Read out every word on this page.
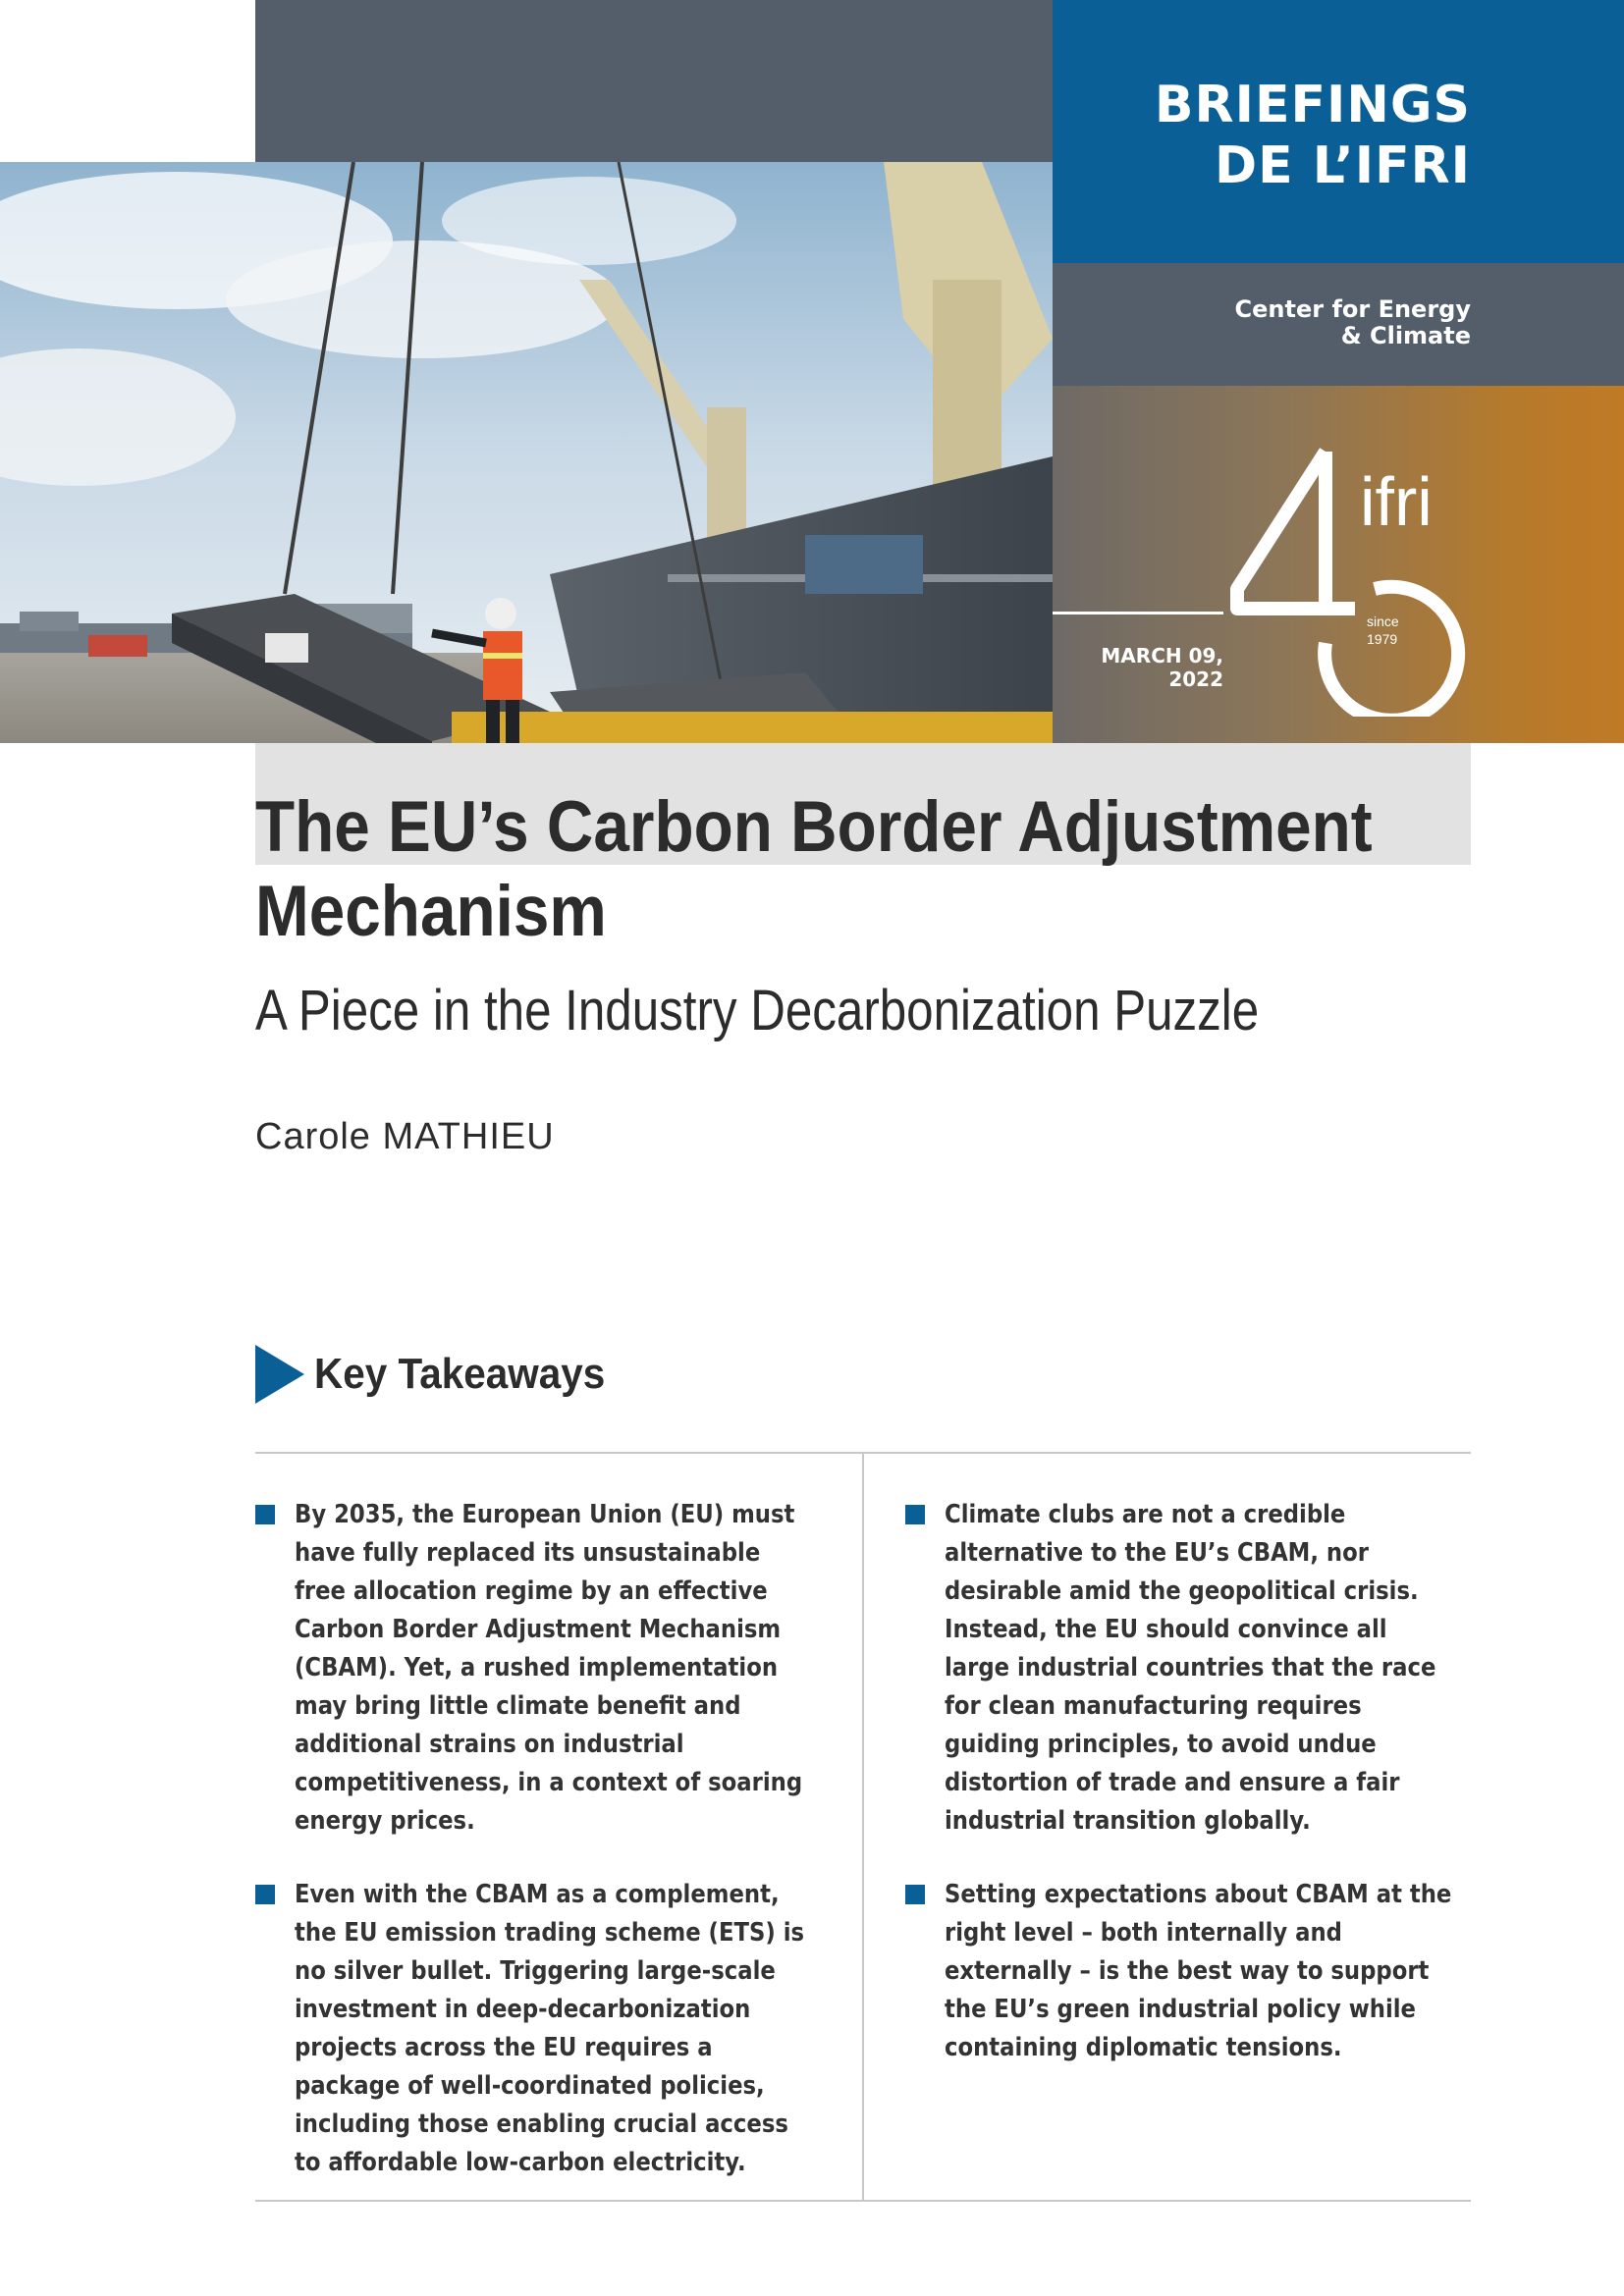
BRIEFINGS
DE L’IFRI
Center for Energy
& Climate
MARCH 09,
2022
ifri
since
1979
The EU’s Carbon Border Adjustment Mechanism
A Piece in the Industry Decarbonization Puzzle
Carole MATHIEU
Key Takeaways
By 2035, the European Union (EU) must have fully replaced its unsustainable free allocation regime by an effective Carbon Border Adjustment Mechanism (CBAM). Yet, a rushed implementation may bring little climate benefit and additional strains on industrial competitiveness, in a context of soaring energy prices.
Even with the CBAM as a complement, the EU emission trading scheme (ETS) is no silver bullet. Triggering large-scale investment in deep-decarbonization projects across the EU requires a package of well-coordinated policies, including those enabling crucial access to affordable low-carbon electricity.
Climate clubs are not a credible alternative to the EU’s CBAM, nor desirable amid the geopolitical crisis. Instead, the EU should convince all large industrial countries that the race for clean manufacturing requires guiding principles, to avoid undue distortion of trade and ensure a fair industrial transition globally.
Setting expectations about CBAM at the right level – both internally and externally – is the best way to support the EU’s green industrial policy while containing diplomatic tensions.
